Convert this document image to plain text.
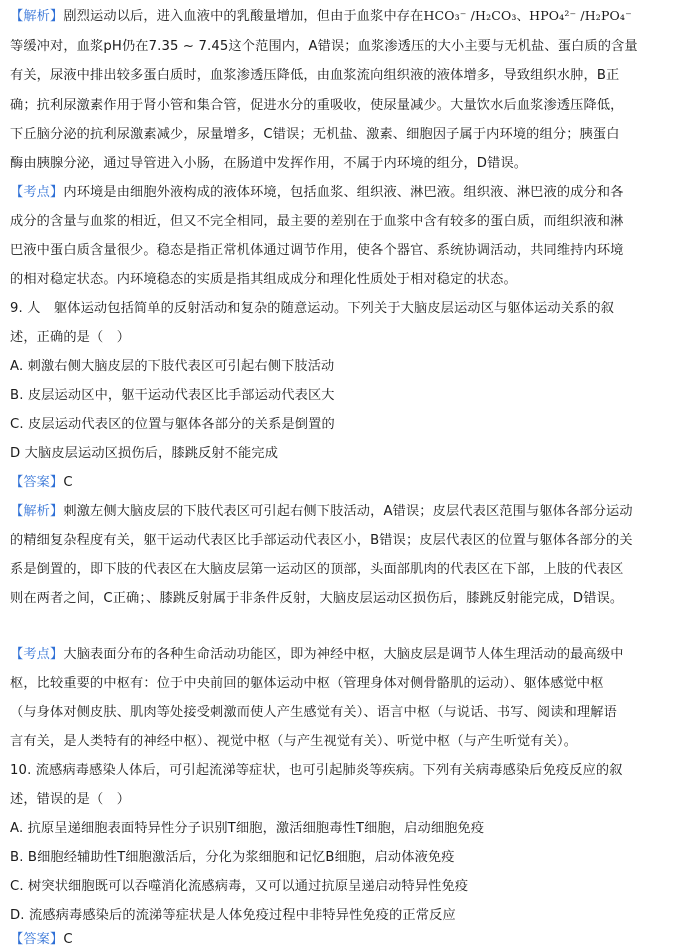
【解析】剧烈运动以后，进入血液中的乳酸量增加，但由于血浆中存在HCO₃⁻ /H₂CO₃、HPO₄²⁻ /H₂PO₄⁻
等缓冲对，血浆pH仍在7.35 ~ 7.45这个范围内，A错误；血浆渗透压的大小主要与无机盐、蛋白质的含量
有关，尿液中排出较多蛋白质时，血浆渗透压降低，由血浆流向组织液的液体增多，导致组织水肿，B正
确；抗利尿激素作用于肾小管和集合管，促进水分的重吸收，使尿量减少。大量饮水后血浆渗透压降低，
下丘脑分泌的抗利尿激素减少，尿量增多，C错误；无机盐、激素、细胞因子属于内环境的组分；胰蛋白
酶由胰腺分泌，通过导管进入小肠，在肠道中发挥作用，不属于内环境的组分，D错误。
【考点】内环境是由细胞外液构成的液体环境，包括血浆、组织液、淋巴液。组织液、淋巴液的成分和各
成分的含量与血浆的相近，但又不完全相同，最主要的差别在于血浆中含有较多的蛋白质，而组织液和淋
巴液中蛋白质含量很少。稳态是指正常机体通过调节作用，使各个器官、系统协调活动，共同维持内环境
的相对稳定状态。内环境稳态的实质是指其组成成分和理化性质处于相对稳定的状态。
9. 人　躯体运动包括简单的反射活动和复杂的随意运动。下列关于大脑皮层运动区与躯体运动关系的叙
述，正确的是（　）
A. 刺激右侧大脑皮层的下肢代表区可引起右侧下肢活动
B. 皮层运动区中，躯干运动代表区比手部运动代表区大
C. 皮层运动代表区的位置与躯体各部分的关系是倒置的
D 大脑皮层运动区损伤后，膝跳反射不能完成
【答案】C
【解析】刺激左侧大脑皮层的下肢代表区可引起右侧下肢活动，A错误；皮层代表区范围与躯体各部分运动
的精细复杂程度有关，躯干运动代表区比手部运动代表区小，B错误；皮层代表区的位置与躯体各部分的关
系是倒置的，即下肢的代表区在大脑皮层第一运动区的顶部，头面部肌肉的代表区在下部，上肢的代表区
则在两者之间，C正确；、膝跳反射属于非条件反射，大脑皮层运动区损伤后，膝跳反射能完成，D错误。
【考点】大脑表面分布的各种生命活动功能区，即为神经中枢，大脑皮层是调节人体生理活动的最高级中
枢，比较重要的中枢有：位于中央前回的躯体运动中枢（管理身体对侧骨骼肌的运动）、躯体感觉中枢
（与身体对侧皮肤、肌肉等处接受刺激而使人产生感觉有关）、语言中枢（与说话、书写、阅读和理解语
言有关，是人类特有的神经中枢）、视觉中枢（与产生视觉有关）、听觉中枢（与产生听觉有关）。
10. 流感病毒感染人体后，可引起流涕等症状，也可引起肺炎等疾病。下列有关病毒感染后免疫反应的叙
述，错误的是（　）
A. 抗原呈递细胞表面特异性分子识别T细胞，激活细胞毒性T细胞，启动细胞免疫
B. B细胞经辅助性T细胞激活后，分化为浆细胞和记忆B细胞，启动体液免疫
C. 树突状细胞既可以吞噬消化流感病毒，又可以通过抗原呈递启动特异性免疫
D. 流感病毒感染后的流涕等症状是人体免疫过程中非特异性免疫的正常反应
【答案】C
